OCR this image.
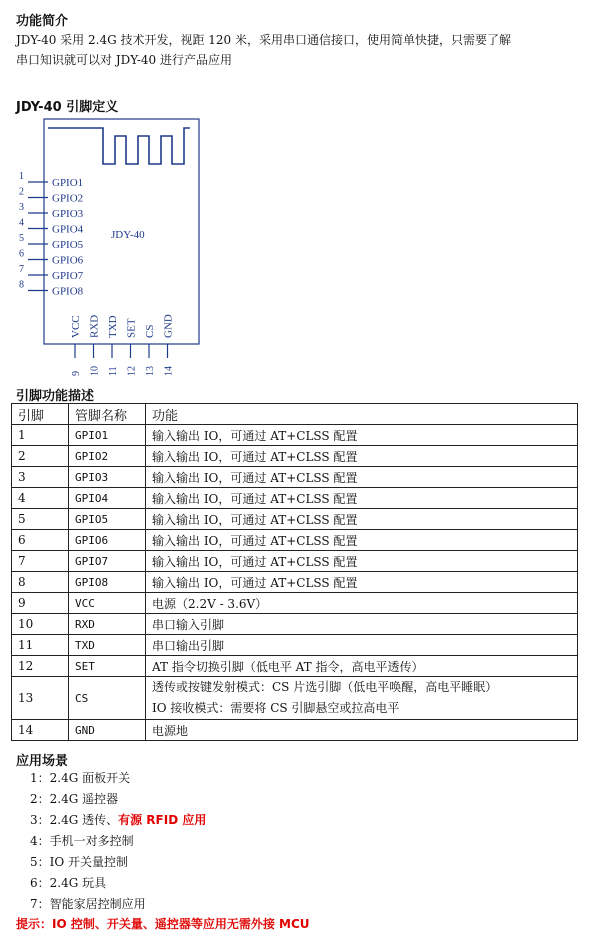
功能简介
JDY-40 采用 2.4G 技术开发，视距 120 米，采用串口通信接口，使用简单快捷，只需要了解
串口知识就可以对 JDY-40 进行产品应用
JDY-40 引脚定义
JDY-40
1
GPIO1
2
GPIO2
3
GPIO3
4
GPIO4
5
GPIO5
6
GPIO6
7
GPIO7
8
GPIO8
VCC
9
RXD
10
TXD
11
SET
12
CS
13
GND
14
引脚功能描述
引脚	管脚名称	功能
1	GPIO1	输入输出 IO，可通过 AT+CLSS 配置
2	GPIO2	输入输出 IO，可通过 AT+CLSS 配置
3	GPIO3	输入输出 IO，可通过 AT+CLSS 配置
4	GPIO4	输入输出 IO，可通过 AT+CLSS 配置
5	GPIO5	输入输出 IO，可通过 AT+CLSS 配置
6	GPIO6	输入输出 IO，可通过 AT+CLSS 配置
7	GPIO7	输入输出 IO，可通过 AT+CLSS 配置
8	GPIO8	输入输出 IO，可通过 AT+CLSS 配置
9	VCC	电源（2.2V - 3.6V）
10	RXD	串口输入引脚
11	TXD	串口输出引脚
12	SET	AT 指令切换引脚（低电平 AT 指令，高电平透传）
13	CS	透传或按键发射模式：CS 片选引脚（低电平唤醒，高电平睡眠）
IO 接收模式：需要将 CS 引脚悬空或拉高电平

14	GND	电源地
应用场景
1：2.4G 面板开关
2：2.4G 遥控器
3：2.4G 透传、有源 RFID 应用
4：手机一对多控制
5：IO 开关量控制
6：2.4G 玩具
7：智能家居控制应用
提示：IO 控制、开关量、遥控器等应用无需外接 MCU
